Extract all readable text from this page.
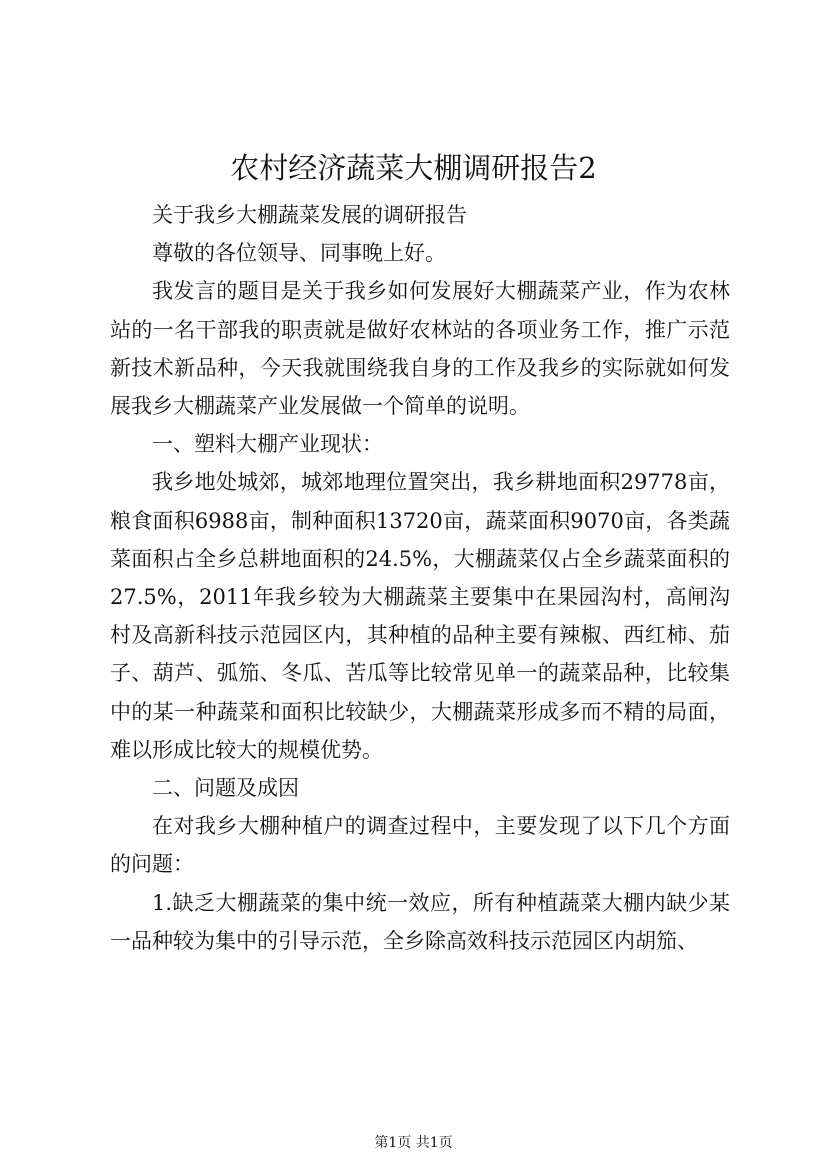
农村经济蔬菜大棚调研报告2

关于我乡大棚蔬菜发展的调研报告

尊敬的各位领导、同事晚上好。

我发言的题目是关于我乡如何发展好大棚蔬菜产业，作为农林站的一名干部我的职责就是做好农林站的各项业务工作，推广示范新技术新品种，今天我就围绕我自身的工作及我乡的实际就如何发展我乡大棚蔬菜产业发展做一个简单的说明。

一、塑料大棚产业现状：

我乡地处城郊，城郊地理位置突出，我乡耕地面积29778亩，粮食面积6988亩，制种面积13720亩，蔬菜面积9070亩，各类蔬菜面积占全乡总耕地面积的24.5%，大棚蔬菜仅占全乡蔬菜面积的27.5%，2011年我乡较为大棚蔬菜主要集中在果园沟村，高闸沟村及高新科技示范园区内，其种植的品种主要有辣椒、西红柿、茄子、葫芦、弧笳、冬瓜、苦瓜等比较常见单一的蔬菜品种，比较集中的某一种蔬菜和面积比较缺少，大棚蔬菜形成多而不精的局面，难以形成比较大的规模优势。

二、问题及成因

在对我乡大棚种植户的调查过程中，主要发现了以下几个方面的问题：

1.缺乏大棚蔬菜的集中统一效应，所有种植蔬菜大棚内缺少某一品种较为集中的引导示范，全乡除高效科技示范园区内胡笳、

第1页 共1页
